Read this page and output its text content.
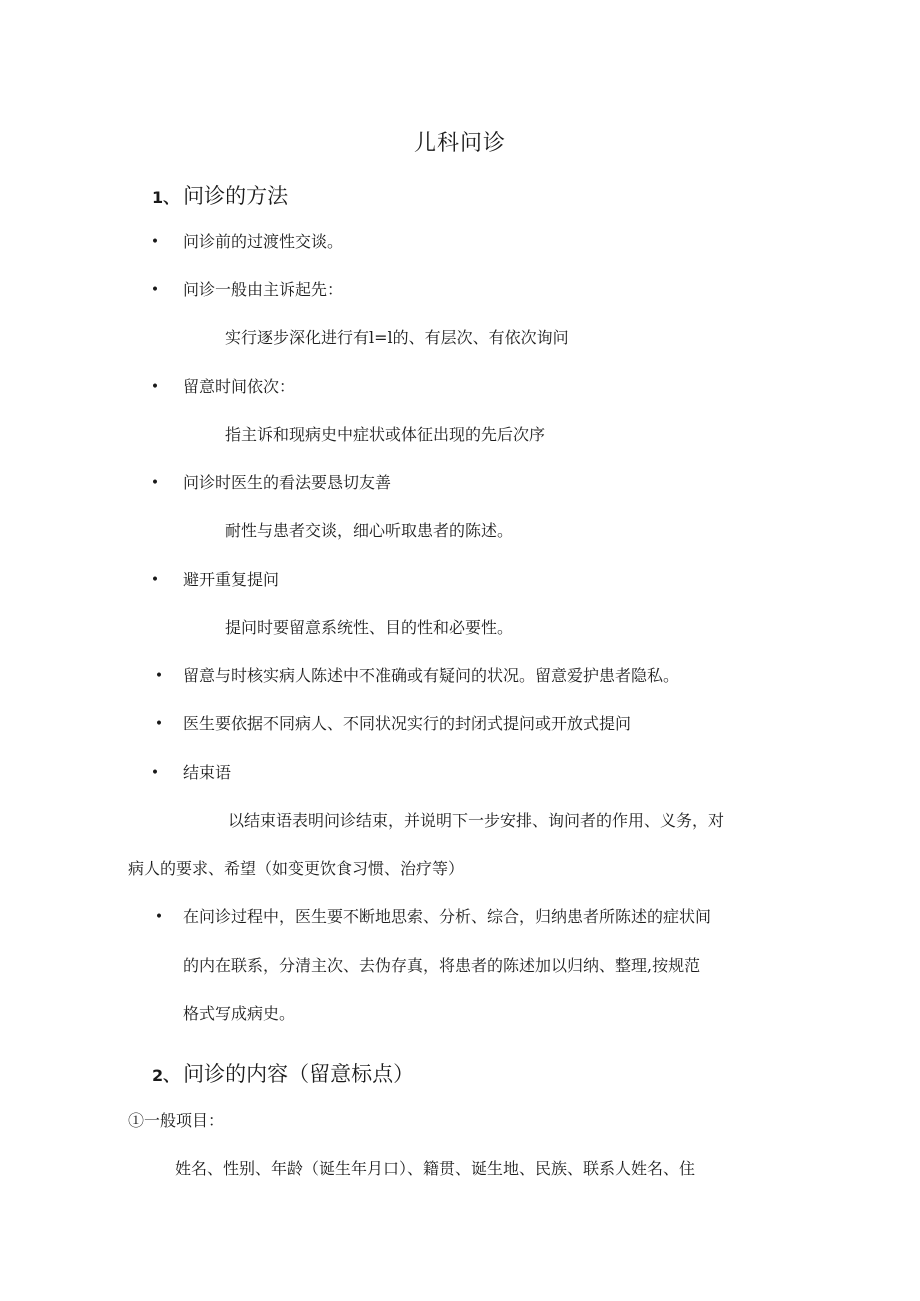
儿科问诊
1、 问诊的方法
• 问诊前的过渡性交谈。
• 问诊一般由主诉起先：
实行逐步深化进行有l=l的、有层次、有依次询问
• 留意时间依次：
指主诉和现病史中症状或体征出现的先后次序
• 问诊时医生的看法要恳切友善
耐性与患者交谈，细心听取患者的陈述。
• 避开重复提问
提问时要留意系统性、目的性和必要性。
• 留意与时核实病人陈述中不准确或有疑问的状况。留意爱护患者隐私。
• 医生要依据不同病人、不同状况实行的封闭式提问或开放式提问
• 结束语
以结束语表明问诊结束，并说明下一步安排、询问者的作用、义务，对
病人的要求、希望（如变更饮食习惯、治疗等）
• 在问诊过程中，医生要不断地思索、分析、综合，归纳患者所陈述的症状间
的内在联系，分清主次、去伪存真，将患者的陈述加以归纳、整理,按规范
格式写成病史。
2、 问诊的内容（留意标点）
①一般项目：
姓名、性别、年龄（诞生年月口）、籍贯、诞生地、民族、联系人姓名、住
